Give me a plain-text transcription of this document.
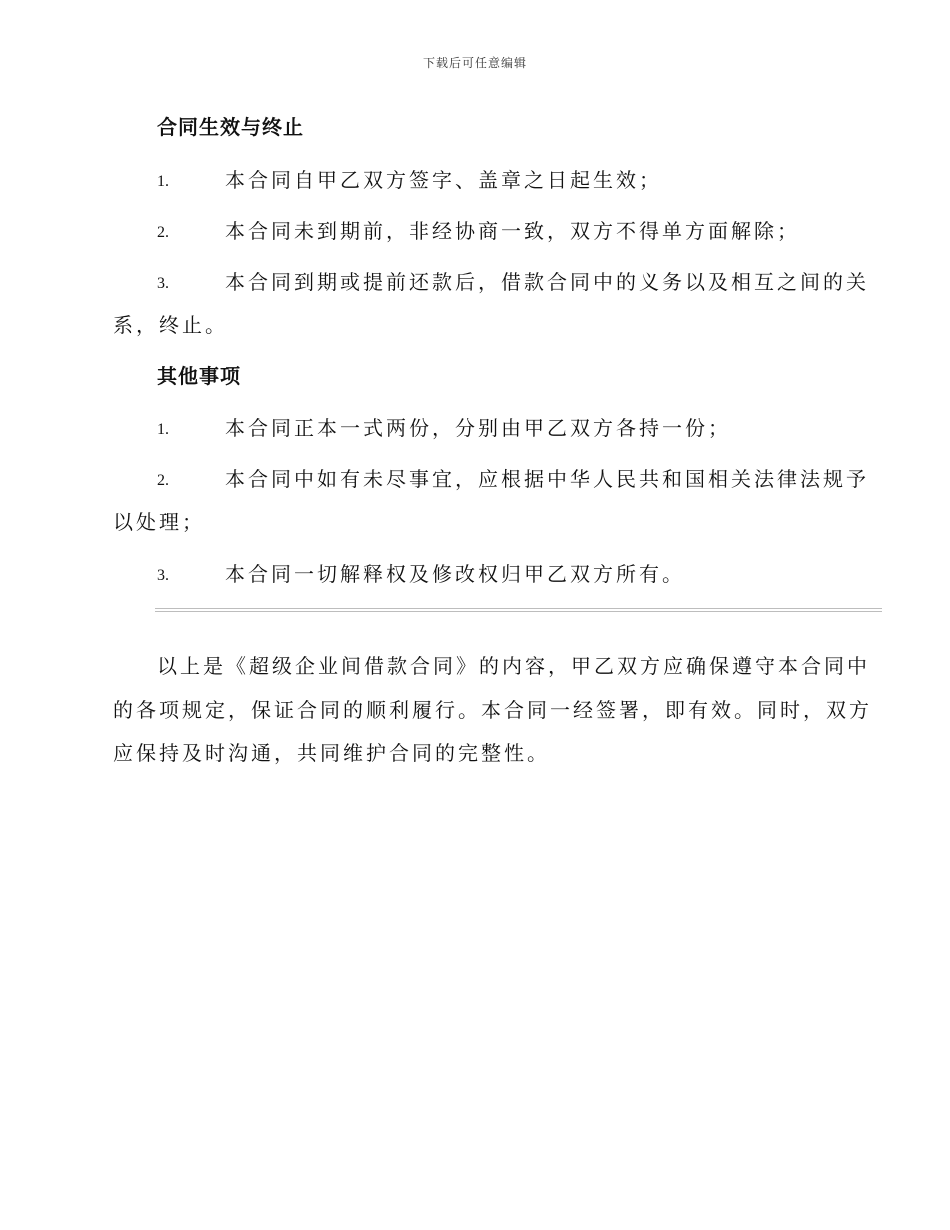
下载后可任意编辑
合同生效与终止
1.	本合同自甲乙双方签字、盖章之日起生效；
2.	本合同未到期前，非经协商一致，双方不得单方面解除；
3.	本合同到期或提前还款后，借款合同中的义务以及相互之间的关
系，终止。
其他事项
1.	本合同正本一式两份，分别由甲乙双方各持一份；
2.	本合同中如有未尽事宜，应根据中华人民共和国相关法律法规予
以处理；
3.	本合同一切解释权及修改权归甲乙双方所有。
以上是《超级企业间借款合同》的内容，甲乙双方应确保遵守本合同中
的各项规定，保证合同的顺利履行。本合同一经签署，即有效。同时，双方
应保持及时沟通，共同维护合同的完整性。
